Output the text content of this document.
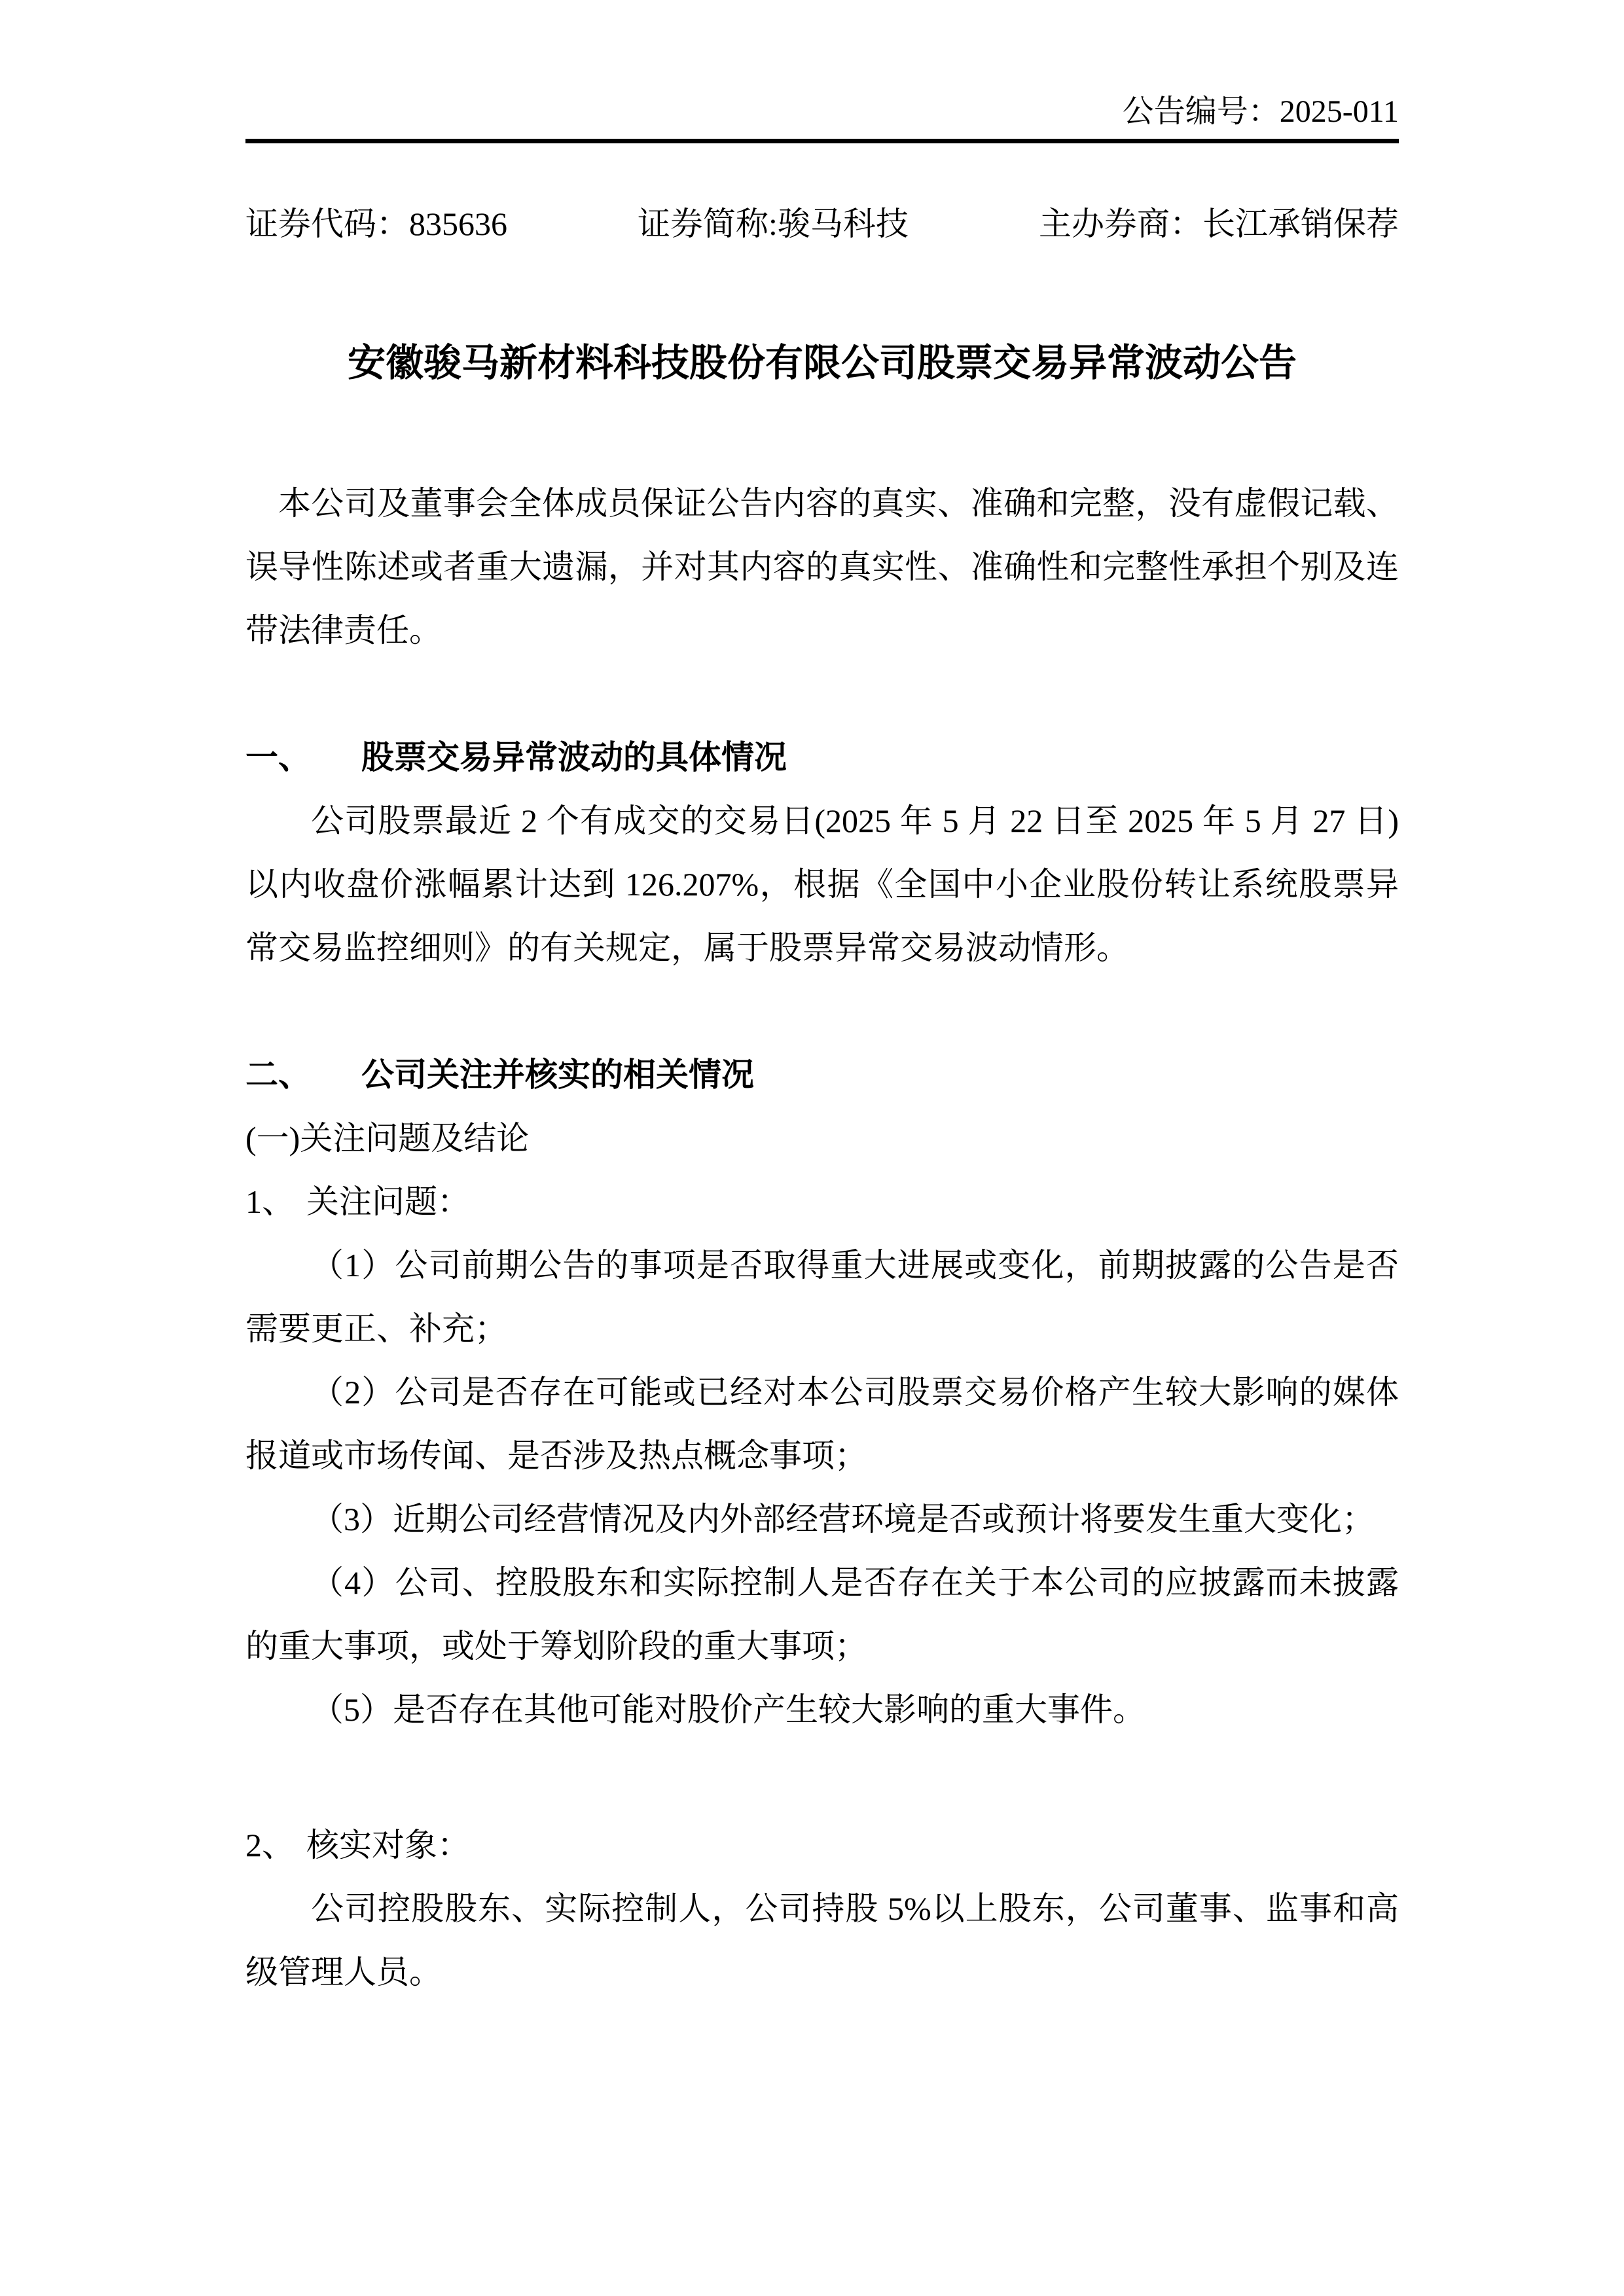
公告编号：2025-011
证券代码：835636	证券简称:骏马科技	主办券商：长江承销保荐
安徽骏马新材料科技股份有限公司股票交易异常波动公告

本公司及董事会全体成员保证公告内容的真实、准确和完整，没有虚假记载、误导性陈述或者重大遗漏，并对其内容的真实性、准确性和完整性承担个别及连带法律责任。

一、 股票交易异常波动的具体情况

公司股票最近 2 个有成交的交易日(2025 年 5 月 22 日至 2025 年 5 月 27 日)以内收盘价涨幅累计达到 126.207%，根据《全国中小企业股份转让系统股票异常交易监控细则》的有关规定，属于股票异常交易波动情形。

二、 公司关注并核实的相关情况

(一)关注问题及结论

1、 关注问题：

（1）公司前期公告的事项是否取得重大进展或变化，前期披露的公告是否需要更正、补充；

（2）公司是否存在可能或已经对本公司股票交易价格产生较大影响的媒体报道或市场传闻、是否涉及热点概念事项；

（3）近期公司经营情况及内外部经营环境是否或预计将要发生重大变化；

（4）公司、控股股东和实际控制人是否存在关于本公司的应披露而未披露的重大事项，或处于筹划阶段的重大事项；

（5）是否存在其他可能对股价产生较大影响的重大事件。

2、 核实对象：

公司控股股东、实际控制人，公司持股 5%以上股东，公司董事、监事和高级管理人员。
